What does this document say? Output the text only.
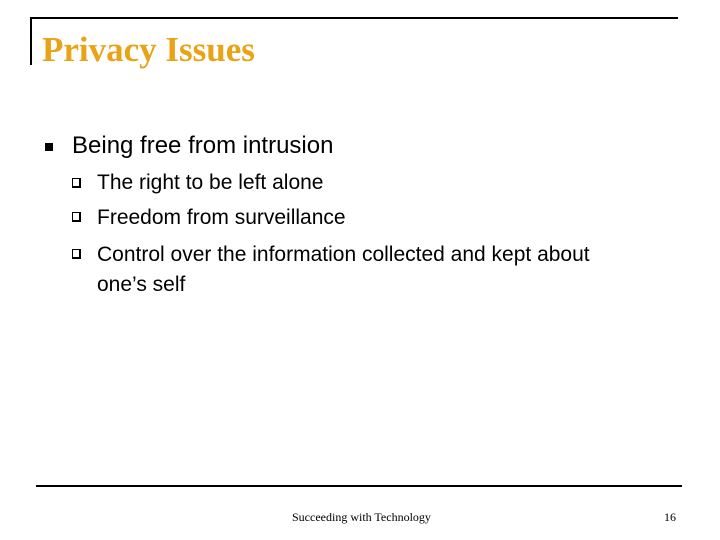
Privacy Issues
Being free from intrusion
The right to be left alone
Freedom from surveillance
Control over the information collected and kept about one’s self
Succeeding with Technology	16
